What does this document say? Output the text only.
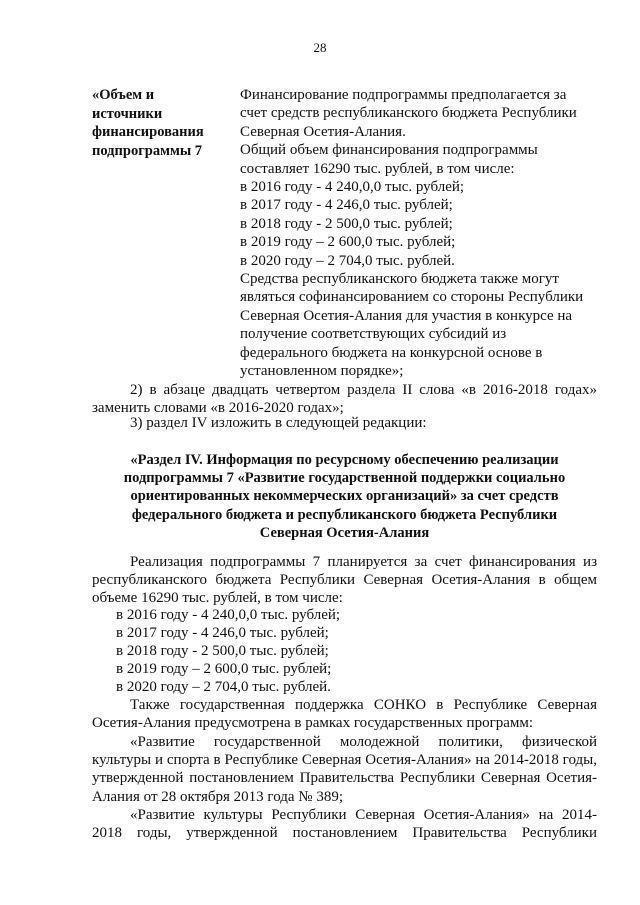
28
«Объем и
источники
финансирования
подпрограммы 7
Финансирование подпрограммы предполагается за
счет средств республиканского бюджета Республики
Северная Осетия-Алания.
Общий объем финансирования подпрограммы
составляет 16290 тыс. рублей, в том числе:
в 2016 году - 4 240,0,0 тыс. рублей;
в 2017 году - 4 246,0 тыс. рублей;
в 2018 году - 2 500,0 тыс. рублей;
в 2019 году – 2 600,0 тыс. рублей;
в 2020 году – 2 704,0 тыс. рублей.
Средства республиканского бюджета также могут
являться софинансированием со стороны Республики
Северная Осетия-Алания для участия в конкурсе на
получение соответствующих субсидий из
федерального бюджета на конкурсной основе в
установленном порядке»;
2) в абзаце двадцать четвертом раздела II слова «в 2016-2018 годах» заменить словами «в 2016-2020 годах»;
3) раздел IV изложить в следующей редакции:
«Раздел IV. Информация по ресурсному обеспечению реализации
подпрограммы 7 «Развитие государственной поддержки социально
ориентированных некоммерческих организаций» за счет средств
федерального бюджета и республиканского бюджета Республики
Северная Осетия-Алания
Реализация подпрограммы 7 планируется за счет финансирования из республиканского бюджета Республики Северная Осетия-Алания в общем объеме 16290 тыс. рублей, в том числе:
в 2016 году - 4 240,0,0 тыс. рублей;
в 2017 году - 4 246,0 тыс. рублей;
в 2018 году - 2 500,0 тыс. рублей;
в 2019 году – 2 600,0 тыс. рублей;
в 2020 году – 2 704,0 тыс. рублей.
Также государственная поддержка СОНКО в Республике Северная Осетия-Алания предусмотрена в рамках государственных программ:
«Развитие государственной молодежной политики, физической культуры и спорта в Республике Северная Осетия-Алания» на 2014-2018 годы, утвержденной постановлением Правительства Республики Северная Осетия-Алания от 28 октября 2013 года № 389;
«Развитие культуры Республики Северная Осетия-Алания» на 2014-2018 годы, утвержденной постановлением Правительства Республики
